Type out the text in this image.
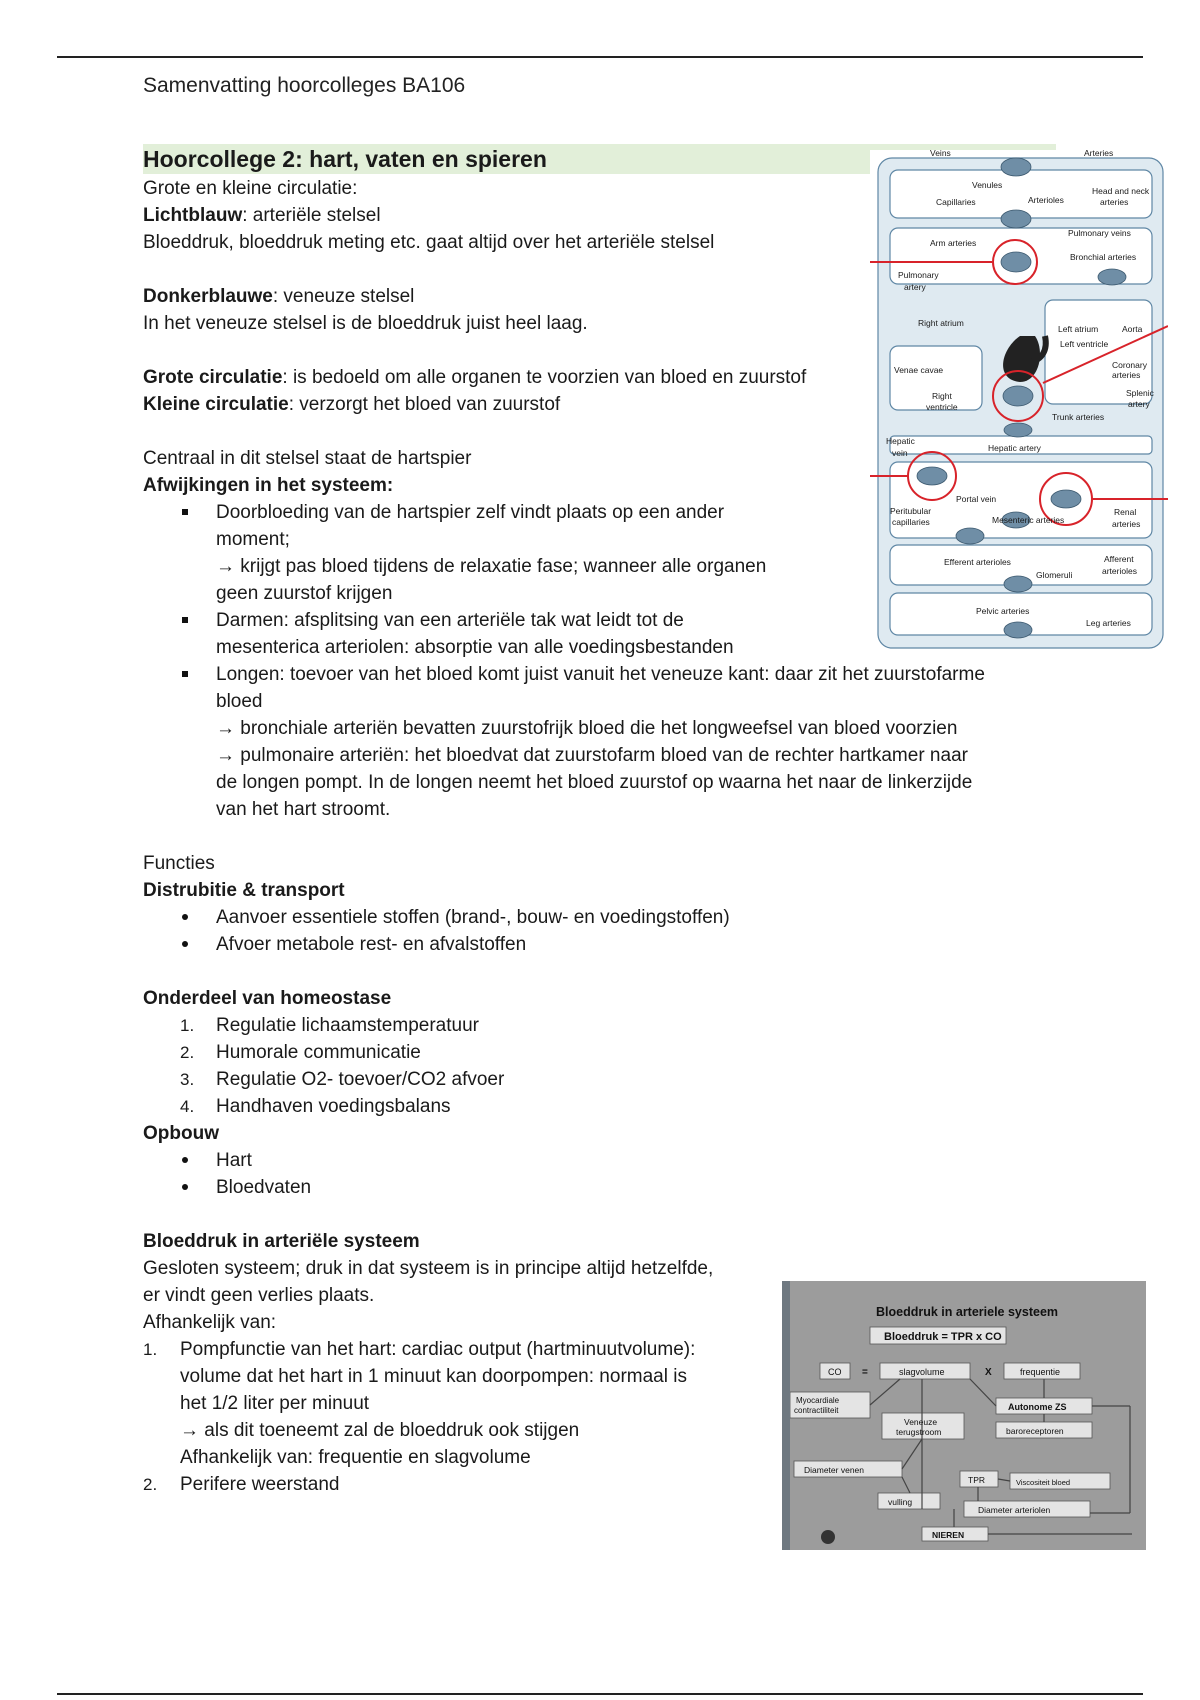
Samenvatting hoorcolleges BA106
Hoorcollege 2: hart, vaten en spieren

Grote en kleine circulatie:

Lichtblauw: arteriële stelsel

Bloeddruk, bloeddruk meting etc. gaat altijd over het arteriële stelsel

Donkerblauwe: veneuze stelsel

In het veneuze stelsel is de bloeddruk juist heel laag.

Grote circulatie: is bedoeld om alle organen te voorzien van bloed en zuurstof

Kleine circulatie: verzorgt het bloed van zuurstof

Centraal in dit stelsel staat de hartspier

Afwijkingen in het systeem:

Doorbloeding van de hartspier zelf vindt plaats op een ander
moment;
→ krijgt pas bloed tijdens de relaxatie fase; wanneer alle organen
geen zuurstof krijgen
Darmen: afsplitsing van een arteriële tak wat leidt tot de
mesenterica arteriolen: absorptie van alle voedingsbestanden
Longen: toevoer van het bloed komt juist vanuit het veneuze kant: daar zit het zuurstofarme
bloed
→ bronchiale arteriën bevatten zuurstofrijk bloed die het longweefsel van bloed voorzien
→ pulmonaire arteriën: het bloedvat dat zuurstofarm bloed van de rechter hartkamer naar
de longen pompt. In de longen neemt het bloed zuurstof op waarna het naar de linkerzijde
van het hart stroomt.

Functies

Distrubitie & transport

Aanvoer essentiele stoffen (brand-, bouw- en voedingstoffen)
Afvoer metabole rest- en afvalstoffen

Onderdeel van homeostase

1. Regulatie lichaamstemperatuur
2. Humorale communicatie
3. Regulatie O2- toevoer/CO2 afvoer
4. Handhaven voedingsbalans

Opbouw

Hart
Bloedvaten

Bloeddruk in arteriële systeem

Gesloten systeem; druk in dat systeem is in principe altijd hetzelfde,

er vindt geen verlies plaats.

Afhankelijk van:

1. Pompfunctie van het hart: cardiac output (hartminuutvolume):
volume dat het hart in 1 minuut kan doorpompen: normaal is
het 1/2 liter per minuut
→ als dit toeneemt zal de bloeddruk ook stijgen
Afhankelijk van: frequentie en slagvolume
2. Perifere weerstand
Veins	Arteries
Venules
Capillaries	Arterioles
Head and neck
arteries
Arm arteries
Pulmonary veins
Bronchial arteries
Pulmonary
artery
Right atrium
Left atrium	Aorta
Left ventricle
Venae cavae	Coronary
arteries
Right
ventricle
Splenic
artery
Trunk arteries
Hepatic
vein	Hepatic artery
Portal vein
Peritubular
capillaries	Mesenteric arteries
Renal
arteries
Efferent arterioles
Glomeruli
Afferent
arterioles
Pelvic arteries
Leg arteries
Bloeddruk in arteriele systeem
Bloeddruk = TPR x CO
CO =	slagvolume	X	frequentie
Myocardiale
contractiliteit	Autonome ZS
Veneuze
terugstroom	baroreceptoren
Diameter venen
TPR	Viscositeit bloed
vulling
Diameter arteriolen
NIEREN
